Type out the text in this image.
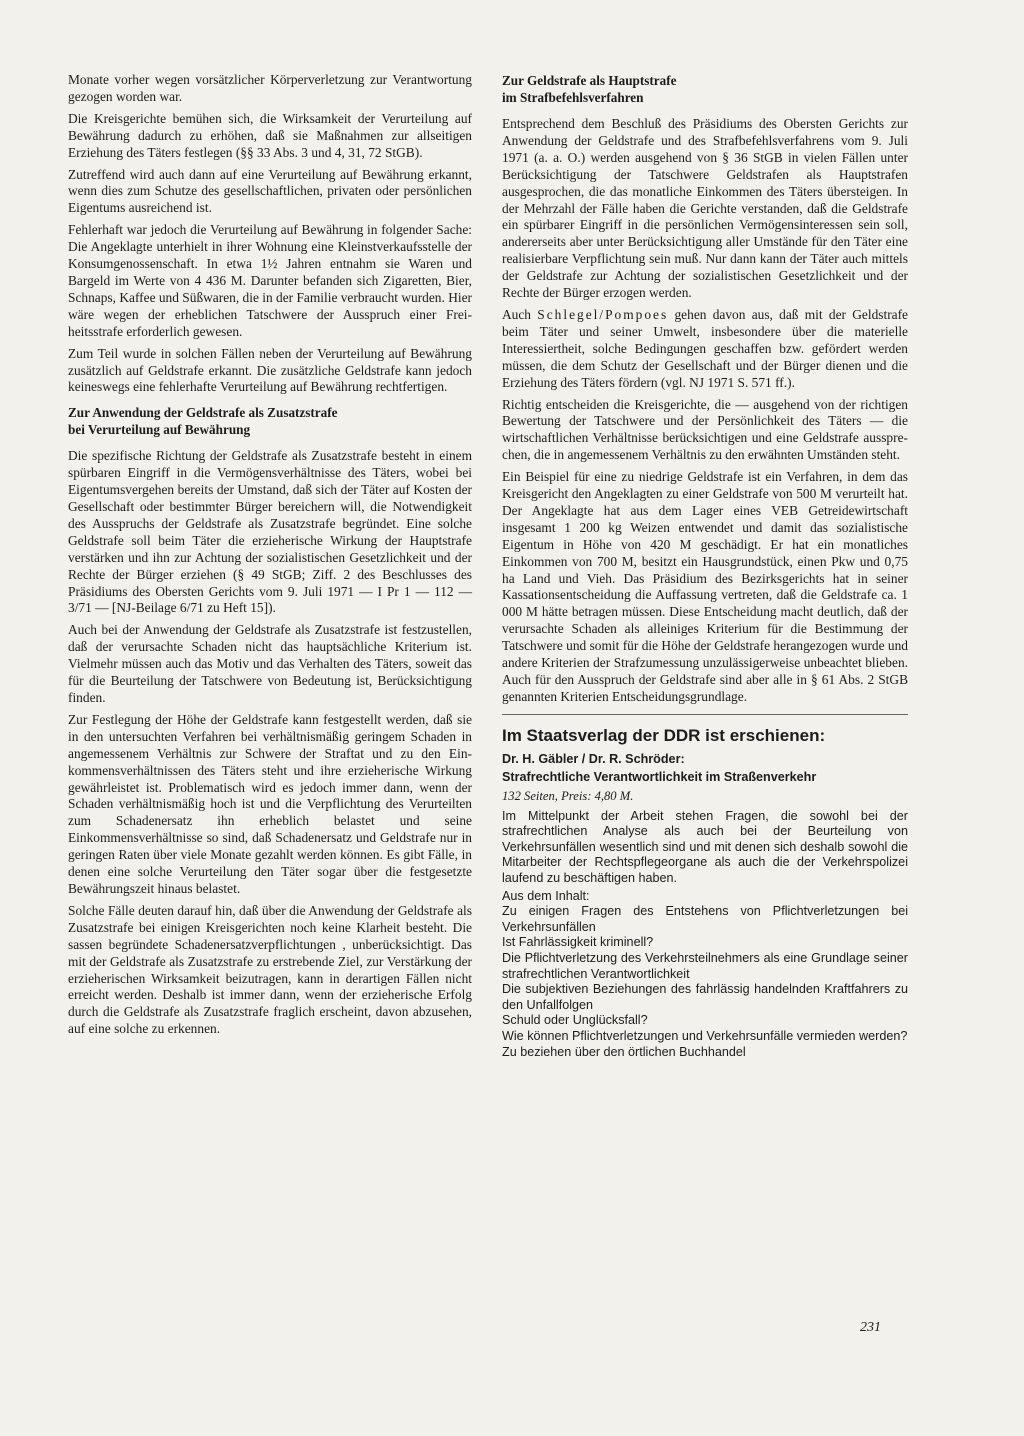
Monate vorher wegen vorsätzlicher Körperverletzung zur Verantwortung gezogen worden war.

Die Kreisgerichte bemühen sich, die Wirksamkeit der Verurteilung auf Bewährung dadurch zu erhöhen, daß sie Maßnahmen zur allseitigen Erziehung des Täters festlegen (§§ 33 Abs. 3 und 4, 31, 72 StGB).

Zutreffend wird auch dann auf eine Verurteilung auf Bewährung erkannt, wenn dies zum Schutze des gesellschaftlichen, privaten oder persönlichen Eigentums ausreichend ist.

Fehlerhaft war jedoch die Verurteilung auf Bewährung in folgender Sache: Die Angeklagte unterhielt in ihrer Wohnung eine Kleinstverkaufsstelle der Konsumgenossenschaft. In etwa 1½ Jahren entnahm sie Waren und Bargeld im Werte von 4 436 M. Darunter befanden sich Zigaretten, Bier, Schnaps, Kaffee und Süßwaren, die in der Familie verbraucht wurden. Hier wäre wegen der erheblichen Tatschwere der Ausspruch einer Freiheitsstrafe erforderlich gewesen.

Zum Teil wurde in solchen Fällen neben der Verurteilung auf Bewährung zusätzlich auf Geldstrafe erkannt. Die zusätzliche Geldstrafe kann jedoch keineswegs eine fehlerhafte Verurteilung auf Bewährung rechtfertigen.

Zur Anwendung der Geldstrafe als Zusatzstrafe
bei Verurteilung auf Bewährung

Die spezifische Richtung der Geldstrafe als Zusatzstrafe besteht in einem spürbaren Eingriff in die Vermögensverhältnisse des Täters, wobei bei Eigentumsvergehen bereits der Umstand, daß sich der Täter auf Kosten der Gesellschaft oder bestimmter Bürger bereichern will, die Notwendigkeit des Ausspruchs der Geldstrafe als Zusatzstrafe begründet. Eine solche Geldstrafe soll beim Täter die erzieherische Wirkung der Hauptstrafe verstärken und ihn zur Achtung der sozialistischen Gesetzlichkeit und der Rechte der Bürger erziehen (§ 49 StGB; Ziff. 2 des Beschlusses des Präsidiums des Obersten Gerichts vom 9. Juli 1971 — I Pr 1 — 112 — 3/71 — [NJ-Beilage 6/71 zu Heft 15]).

Auch bei der Anwendung der Geldstrafe als Zusatzstrafe ist festzustellen, daß der verursachte Schaden nicht das hauptsächliche Kriterium ist. Vielmehr müssen auch das Motiv und das Verhalten des Täters, soweit das für die Beurteilung der Tatschwere von Bedeutung ist, Berücksichtigung finden.

Zur Festlegung der Höhe der Geldstrafe kann festgestellt werden, daß sie in den untersuchten Verfahren bei verhältnismäßig geringem Schaden in angemessenem Verhältnis zur Schwere der Straftat und zu den Einkommensverhältnissen des Täters steht und ihre erzieherische Wirkung gewährleistet ist. Problematisch wird es jedoch immer dann, wenn der Schaden verhältnismäßig hoch ist und die Verpflichtung des Verurteilten zum Schadenersatz ihn erheblich belastet und seine Einkommensverhältnisse so sind, daß Schadenersatz und Geldstrafe nur in geringen Raten über viele Monate gezahlt werden können. Es gibt Fälle, in denen eine solche Verurteilung den Täter sogar über die festgesetzte Bewährungszeit hinaus belastet.

Solche Fälle deuten darauf hin, daß über die Anwendung der Geldstrafe als Zusatzstrafe bei einigen Kreisgerichten noch keine Klarheit besteht. Die sassen begründete Schadenersatzverpflichtungen , unberücksichtigt. Das mit der Geldstrafe als Zusatzstrafe zu erstrebende Ziel, zur Verstärkung der erzieherischen Wirksamkeit beizutragen, kann in derartigen Fällen nicht erreicht werden. Deshalb ist immer dann, wenn der erzieherische Erfolg durch die Geldstrafe als Zusatzstrafe fraglich erscheint, davon abzusehen, auf eine solche zu erkennen.

Zur Geldstrafe als Hauptstrafe
im Strafbefehlsverfahren

Entsprechend dem Beschluß des Präsidiums des Obersten Gerichts zur Anwendung der Geldstrafe und des Strafbefehlsverfahrens vom 9. Juli 1971 (a. a. O.) werden ausgehend von § 36 StGB in vielen Fällen unter Berücksichtigung der Tatschwere Geldstrafen als Hauptstrafen ausgesprochen, die das monatliche Einkommen des Täters übersteigen. In der Mehrzahl der Fälle haben die Gerichte verstanden, daß die Geldstrafe ein spürbarer Eingriff in die persönlichen Vermögensinteressen sein soll, andererseits aber unter Berücksichtigung aller Umstände für den Täter eine realisierbare Verpflichtung sein muß. Nur dann kann der Täter auch mittels der Geldstrafe zur Achtung der sozialistischen Gesetzlichkeit und der Rechte der Bürger erzogen werden.

Auch Schlegel/Pompoes gehen davon aus, daß mit der Geldstrafe beim Täter und seiner Umwelt, insbesondere über die materielle Interessiertheit, solche Bedingungen geschaffen bzw. gefördert werden müssen, die dem Schutz der Gesellschaft und der Bürger dienen und die Erziehung des Täters fördern (vgl. NJ 1971 S. 571 ff.).

Richtig entscheiden die Kreisgerichte, die — ausgehend von der richtigen Bewertung der Tatschwere und der Persönlichkeit des Täters — die wirtschaftlichen Verhältnisse berücksichtigen und eine Geldstrafe aussprechen, die in angemessenem Verhältnis zu den erwähnten Umständen steht.

Ein Beispiel für eine zu niedrige Geldstrafe ist ein Verfahren, in dem das Kreisgericht den Angeklagten zu einer Geldstrafe von 500 M verurteilt hat. Der Angeklagte hat aus dem Lager eines VEB Getreidewirtschaft insgesamt 1 200 kg Weizen entwendet und damit das sozialistische Eigentum in Höhe von 420 M geschädigt. Er hat ein monatliches Einkommen von 700 M, besitzt ein Hausgrundstück, einen Pkw und 0,75 ha Land und Vieh. Das Präsidium des Bezirksgerichts hat in seiner Kassationsentscheidung die Auffassung vertreten, daß die Geldstrafe ca. 1 000 M hätte betragen müssen. Diese Entscheidung macht deutlich, daß der verursachte Schaden als alleiniges Kriterium für die Bestimmung der Tatschwere und somit für die Höhe der Geldstrafe herangezogen wurde und andere Kriterien der Strafzumessung unzulässigerweise unbeachtet blieben. Auch für den Ausspruch der Geldstrafe sind aber alle in § 61 Abs. 2 StGB genannten Kriterien Entscheidungsgrundlage.

Im Staatsverlag der DDR ist erschienen:
Dr. H. Gäbler / Dr. R. Schröder:
Strafrechtliche Verantwortlichkeit im Straßenverkehr
132 Seiten, Preis: 4,80 M.
Im Mittelpunkt der Arbeit stehen Fragen, die sowohl bei der strafrechtlichen Analyse als auch bei der Beurteilung von Verkehrsunfällen wesentlich sind und mit denen sich deshalb sowohl die Mitarbeiter der Rechtspflegeorgane als auch die der Verkehrspolizei laufend zu beschäftigen haben.
Aus dem Inhalt:
Zu einigen Fragen des Entstehens von Pflichtverletzungen bei Verkehrsunfällen
Ist Fahrlässigkeit kriminell?
Die Pflichtverletzung des Verkehrsteilnehmers als eine Grundlage seiner strafrechtlichen Verantwortlichkeit
Die subjektiven Beziehungen des fahrlässig handelnden Kraftfahrers zu den Unfallfolgen
Schuld oder Unglücksfall?
Wie können Pflichtverletzungen und Verkehrsunfälle vermieden werden?
Zu beziehen über den örtlichen Buchhandel
231
